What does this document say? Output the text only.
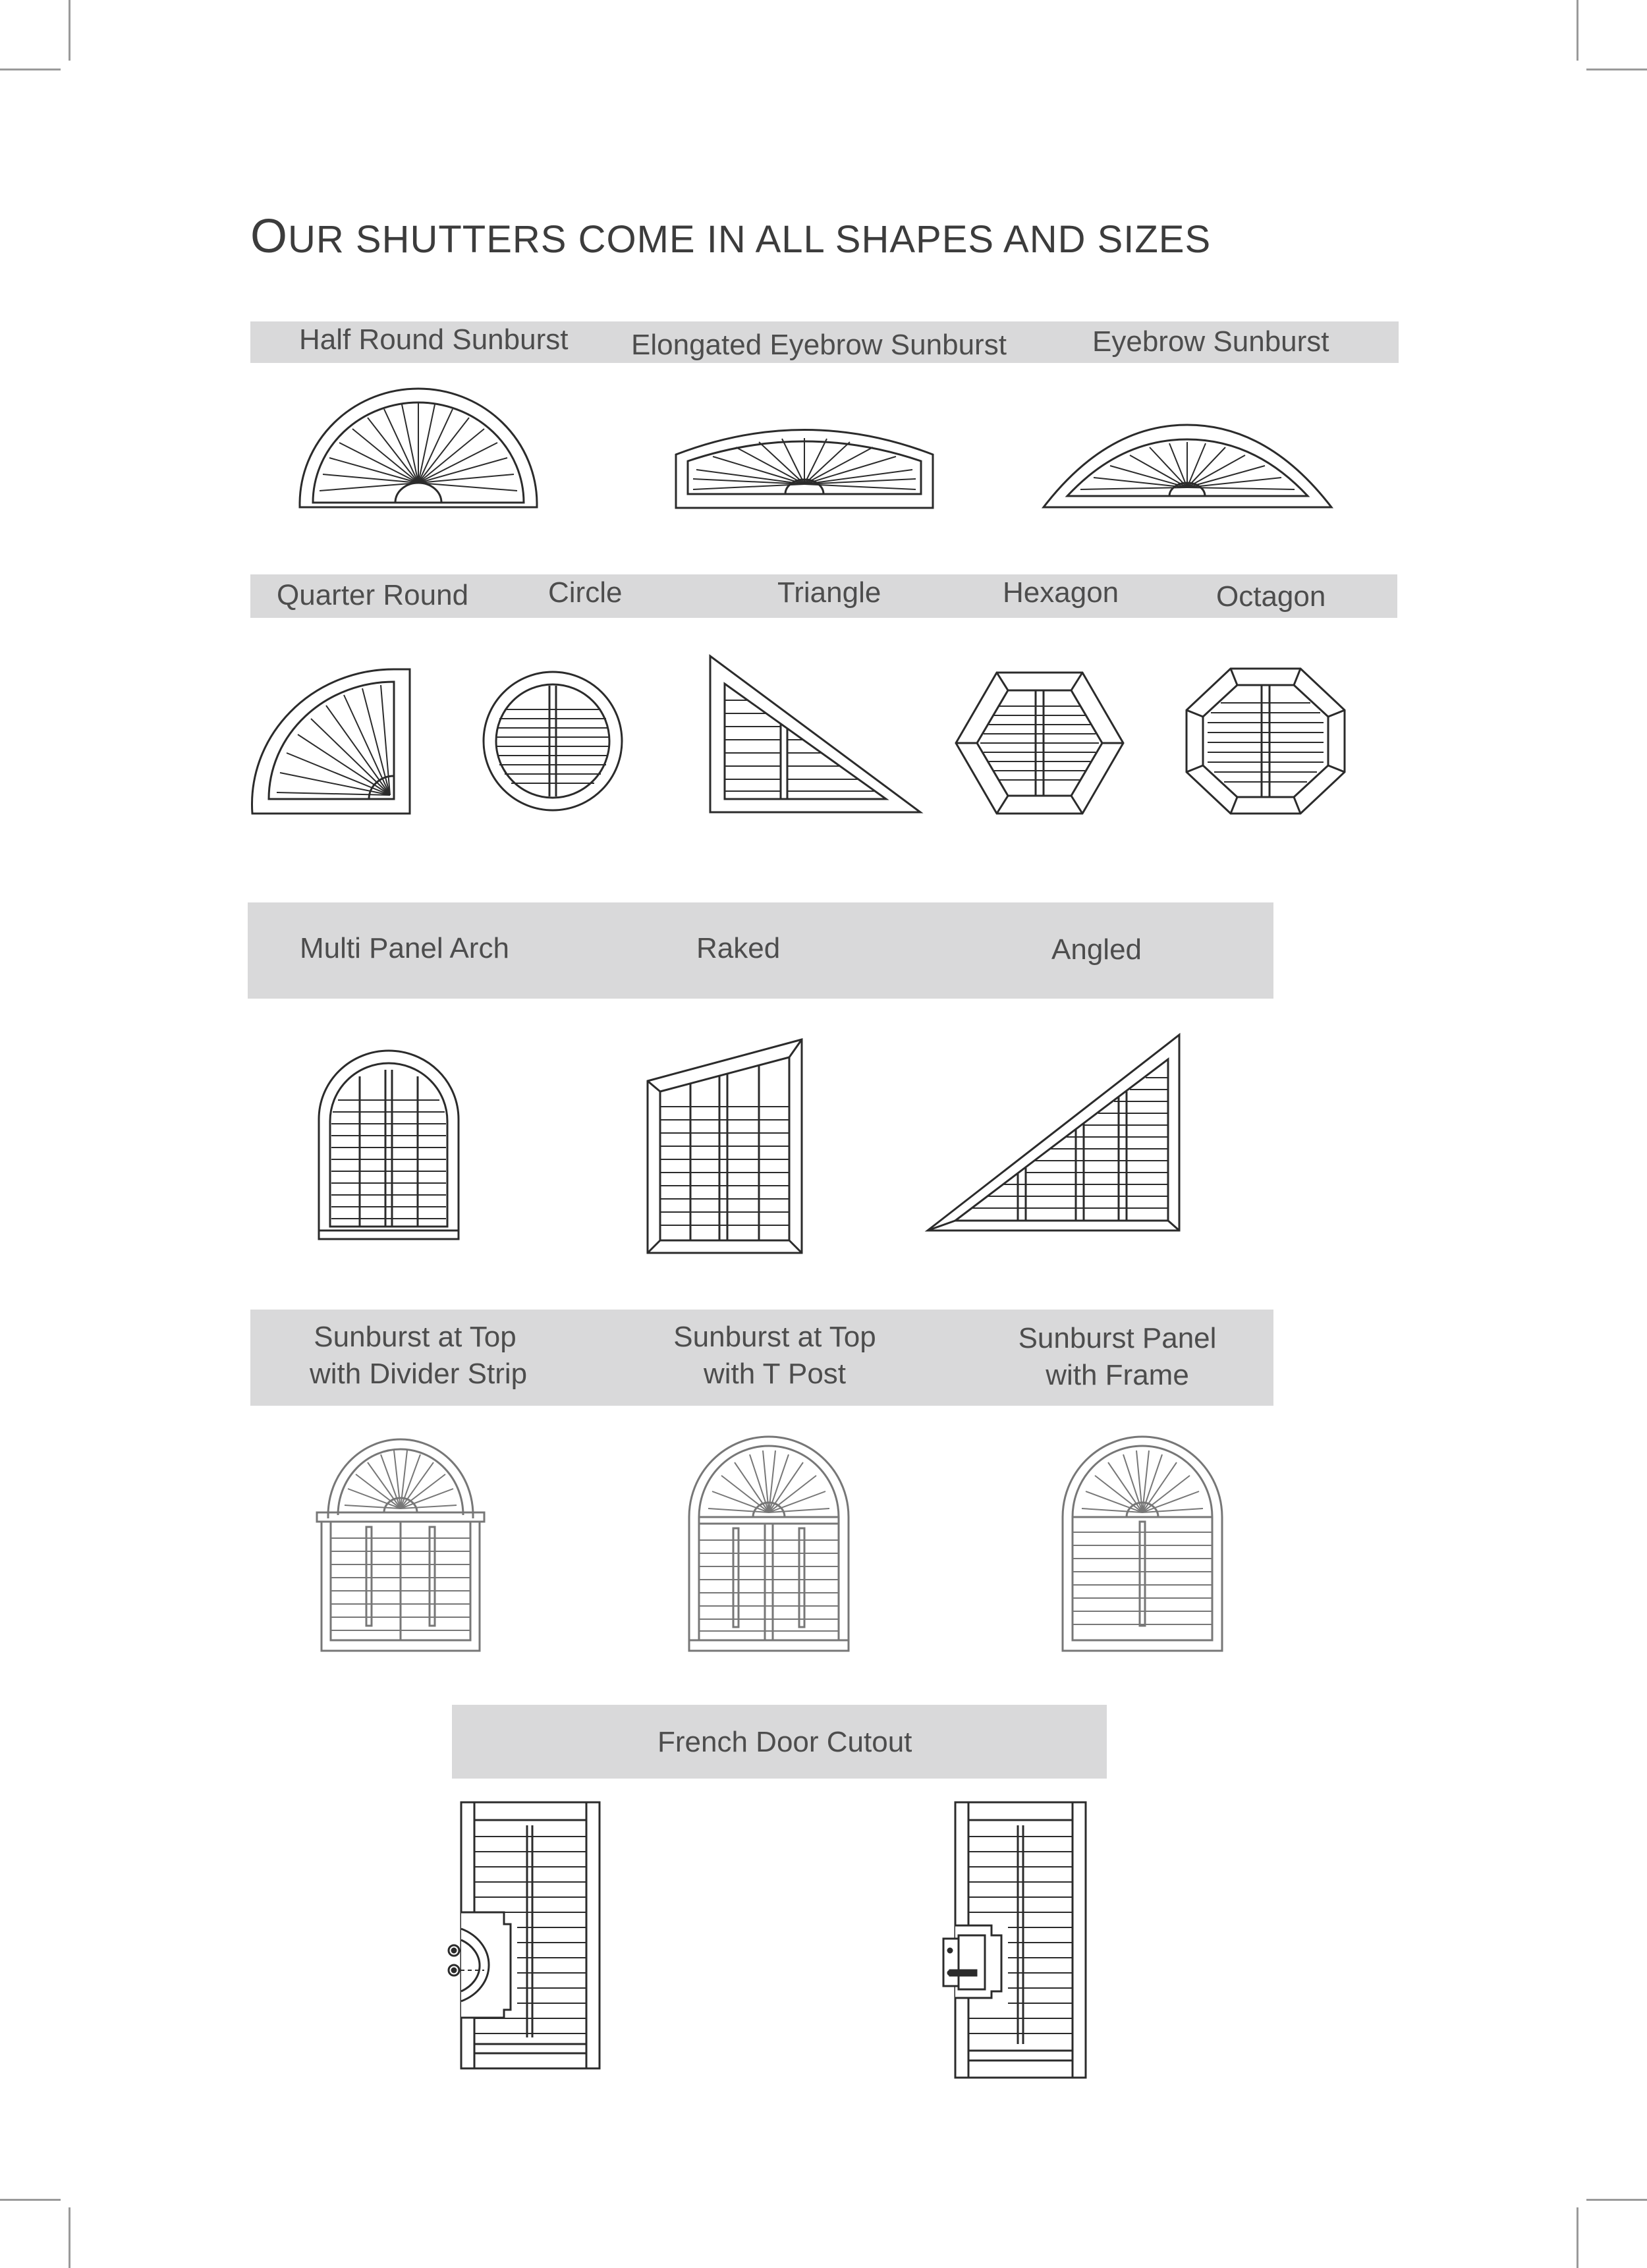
OUR SHUTTERS COME IN ALL SHAPES AND SIZES
Half Round Sunburst Elongated Eyebrow Sunburst	Eyebrow Sunburst
Quarter Round	Circle	Triangle	Hexagon	Octagon
Multi Panel Arch	Raked	Angled
Sunburst at Top
with Divider Strip
Sunburst at Top
with T Post
Sunburst Panel
with Frame
French Door Cutout
